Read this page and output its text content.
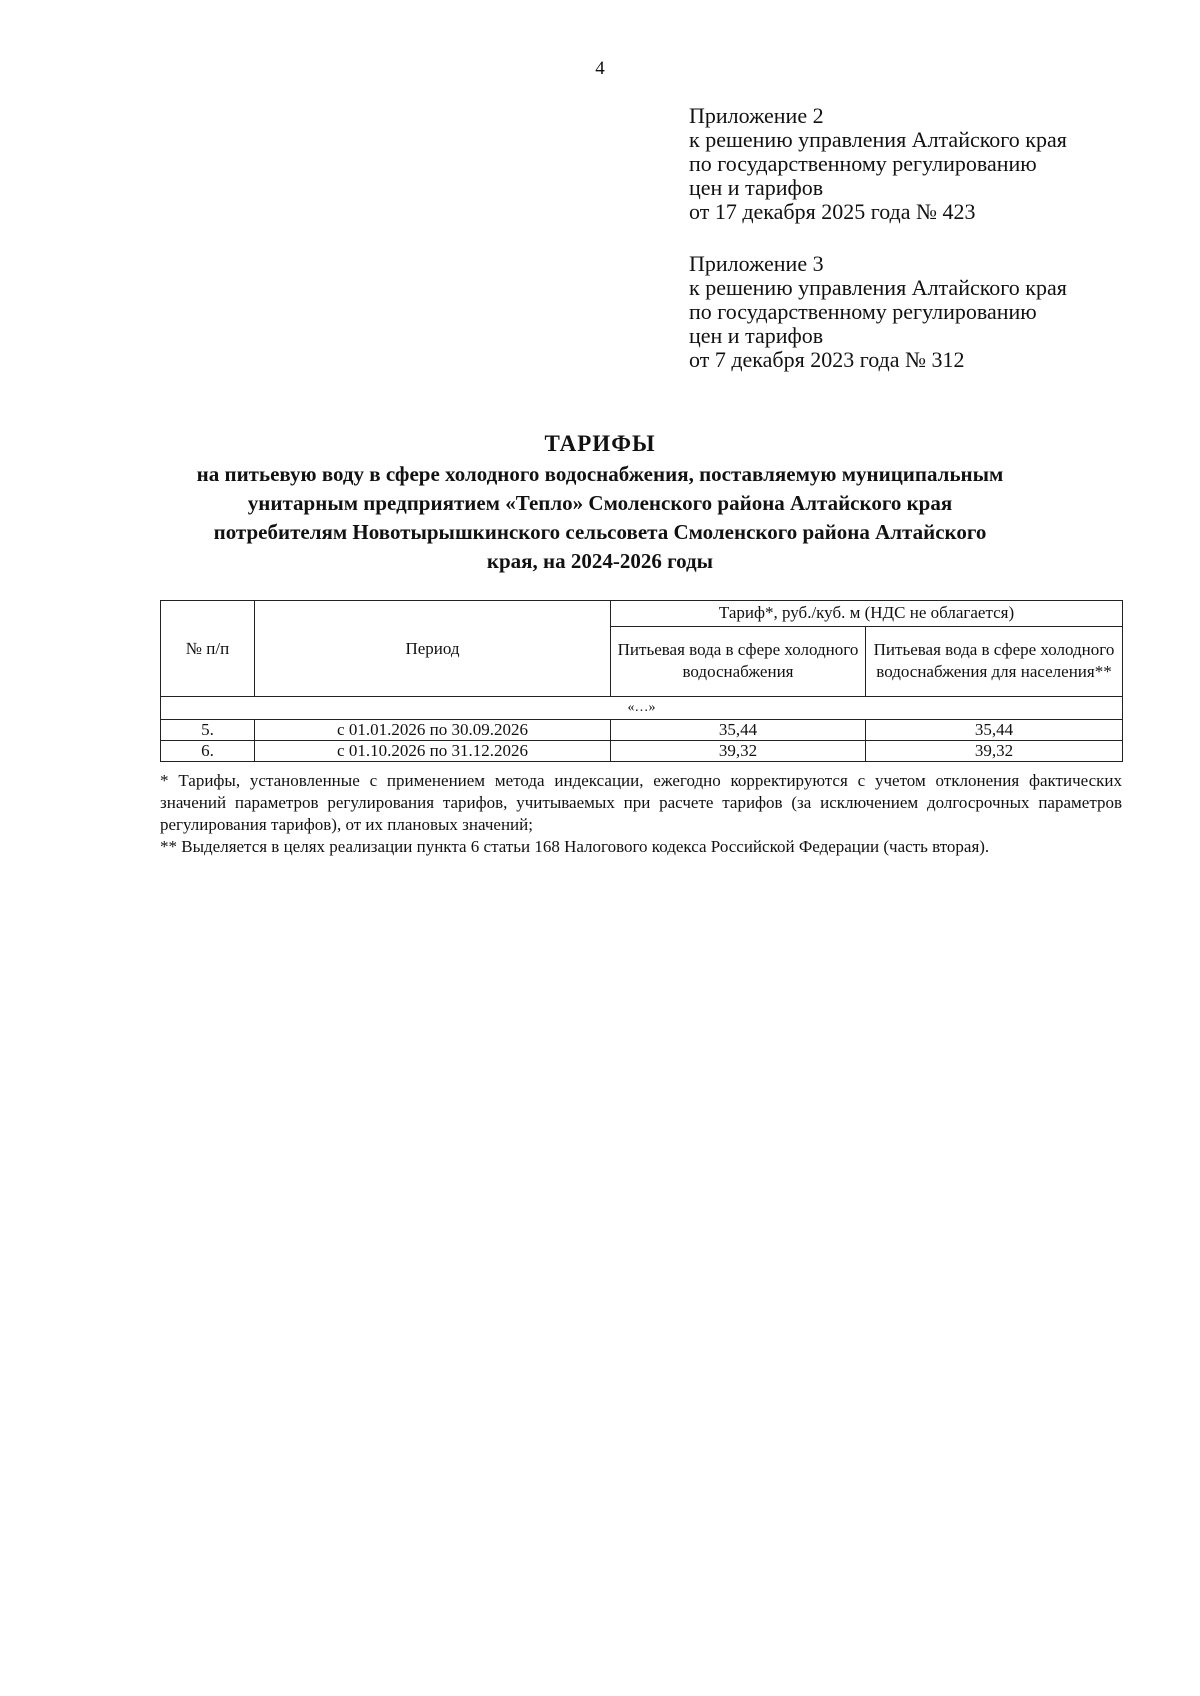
4
Приложение 2
к решению управления Алтайского края
по государственному регулированию
цен и тарифов
от 17 декабря 2025 года № 423
Приложение 3
к решению управления Алтайского края
по государственному регулированию
цен и тарифов
от 7 декабря 2023 года № 312
ТАРИФЫ
на питьевую воду в сфере холодного водоснабжения, поставляемую муниципальным
унитарным предприятием «Тепло» Смоленского района Алтайского края
потребителям Новотырышкинского сельсовета Смоленского района Алтайского
края, на 2024-2026 годы
№ п/п	Период	Тариф*, руб./куб. м (НДС не облагается)	
		Питьевая вода в сфере холодного водоснабжения	Питьевая вода в сфере холодного водоснабжения для населения**
«…»			
5.	с 01.01.2026 по 30.09.2026	35,44	35,44
6.	с 01.10.2026 по 31.12.2026	39,32	39,32

* Тарифы, установленные с применением метода индексации, ежегодно корректируются с учетом отклонения фактических значений параметров регулирования тарифов, учитываемых при расчете тарифов (за исключением долгосрочных параметров регулирования тарифов), от их плановых значений;

** Выделяется в целях реализации пункта 6 статьи 168 Налогового кодекса Российской Федерации (часть вторая).
